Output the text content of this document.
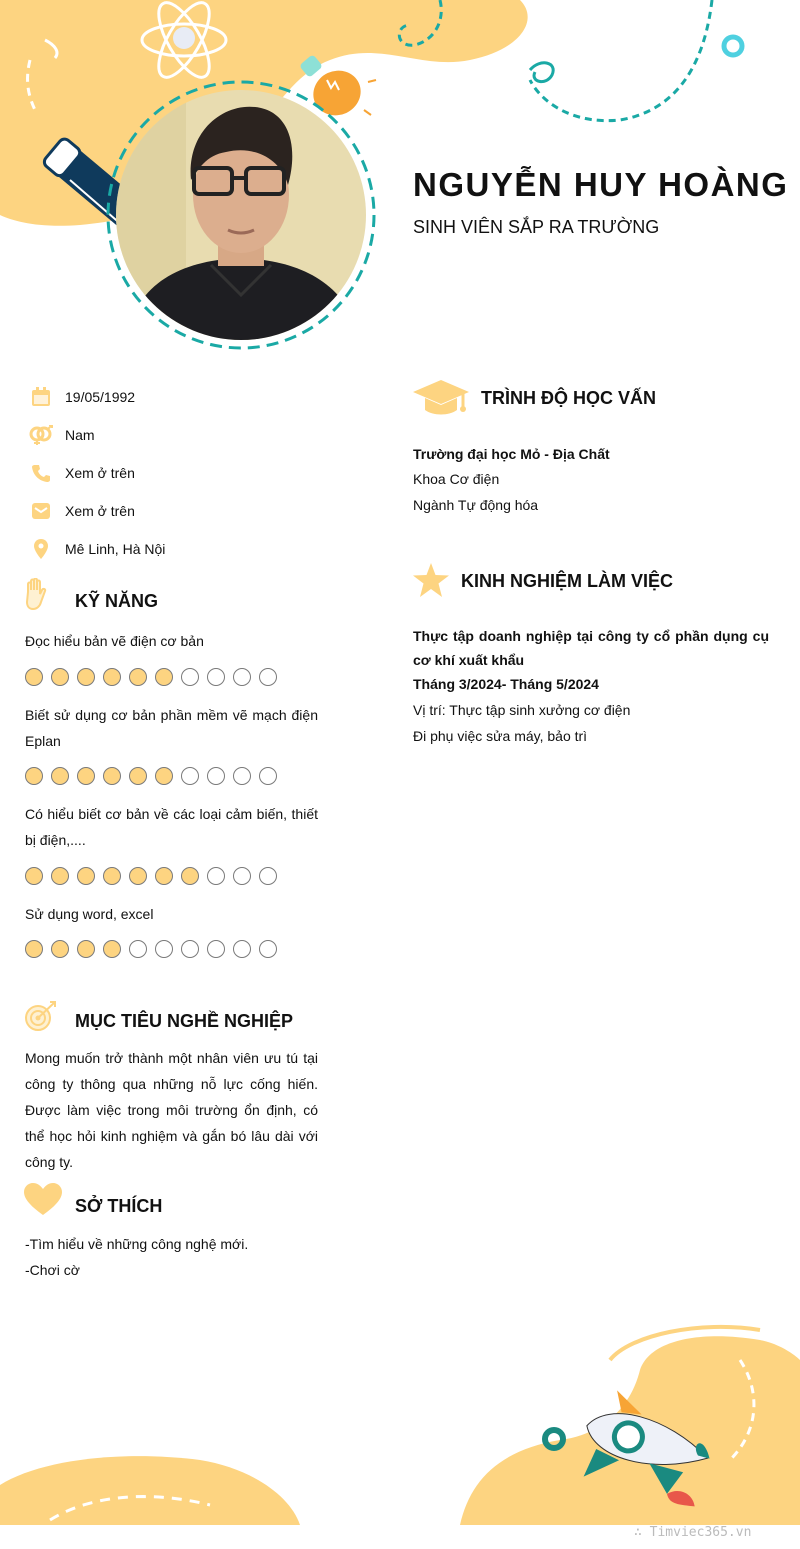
NGUYỄN HUY HOÀNG
SINH VIÊN SẮP RA TRƯỜNG
19/05/1992
Nam
Xem ở trên
Xem ở trên
Mê Linh, Hà Nội
KỸ NĂNG
Đọc hiểu bản vẽ điện cơ bản
Biết sử dụng cơ bản phần mềm vẽ mạch điện Eplan
Có hiểu biết cơ bản về các loại cảm biến, thiết bị điện,....
Sử dụng word, excel
MỤC TIÊU NGHỀ NGHIỆP
Mong muốn trở thành một nhân viên ưu tú tại công ty thông qua những nỗ lực cống hiến. Được làm việc trong môi trường ổn định, có thể học hỏi kinh nghiệm và gắn bó lâu dài với công ty.
SỞ THÍCH
-Tìm hiểu về những công nghệ mới.
-Chơi cờ
TRÌNH ĐỘ HỌC VẤN
Trường đại học Mỏ - Địa Chất
Khoa Cơ điện
Ngành Tự động hóa
KINH NGHIỆM LÀM VIỆC
Thực tập doanh nghiệp tại công ty cổ phần dụng cụ cơ khí xuất khẩu
Tháng 3/2024- Tháng 5/2024
Vị trí: Thực tập sinh xưởng cơ điện
Đi phụ việc sửa máy, bảo trì
∴ Timviec365.vn
